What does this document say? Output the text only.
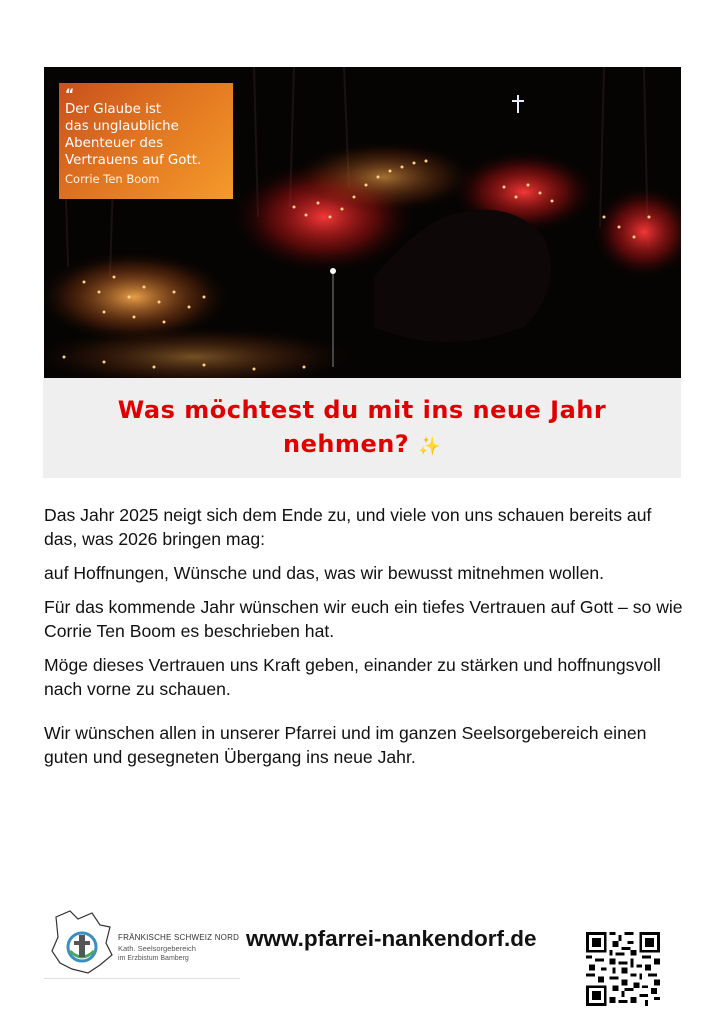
“
Der Glaube ist
das unglaubliche
Abenteuer des
Vertrauens auf Gott.
Corrie Ten Boom
Was möchtest du mit ins neue Jahr
nehmen? ✨

Das Jahr 2025 neigt sich dem Ende zu, und viele von uns schauen bereits auf das, was 2026 bringen mag:

auf Hoffnungen, Wünsche und das, was wir bewusst mitnehmen wollen.

Für das kommende Jahr wünschen wir euch ein tiefes Vertrauen auf Gott – so wie Corrie Ten Boom es beschrieben hat.

Möge dieses Vertrauen uns Kraft geben, einander zu stärken und hoffnungsvoll nach vorne zu schauen.

Wir wünschen allen in unserer Pfarrei und im ganzen Seelsorgebereich einen guten und gesegneten Übergang ins neue Jahr.

FRÄNKISCHE SCHWEIZ NORD
Kath. Seelsorgebereich
im Erzbistum Bamberg
www.pfarrei-nankendorf.de
